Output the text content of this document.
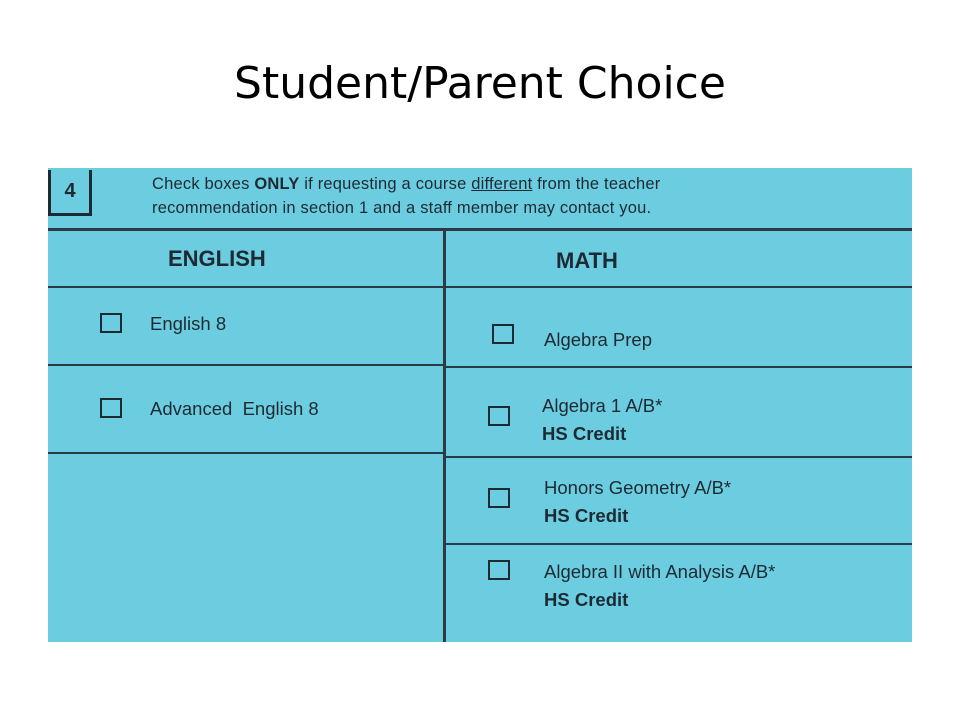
Student/Parent Choice
4	Check boxes ONLY if requesting a course different from the teacher
recommendation in section 1 and a staff member may contact you.
ENGLISH	MATH
English 8
Advanced  English 8
Algebra Prep
Algebra 1 A/B*
HS Credit
Honors Geometry A/B*
HS Credit
Algebra II with Analysis A/B*
HS Credit
